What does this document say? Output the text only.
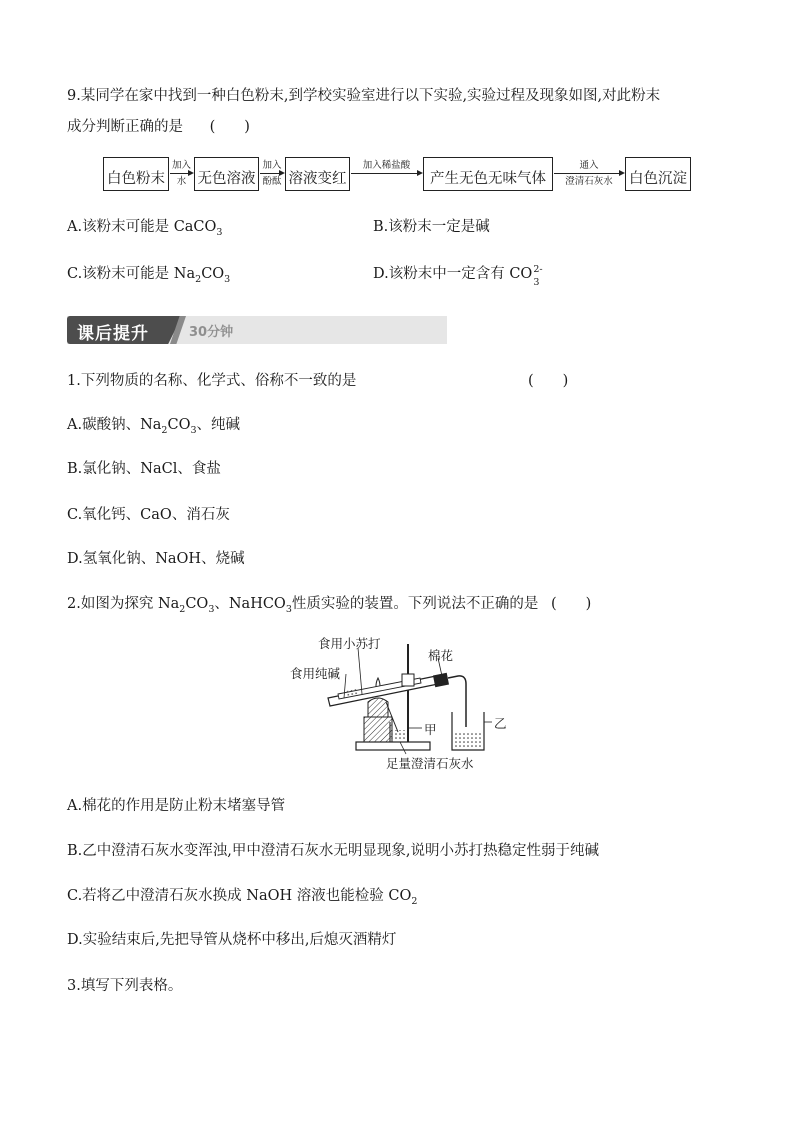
9.某同学在家中找到一种白色粉末,到学校实验室进行以下实验,实验过程及现象如图,对此粉末
成分判断正确的是 (　　)
白色粉末
加入
水 无色溶液
加入
酚酞 溶液变红
加入稀盐酸
产生无色无味气体
通入
澄清石灰水	白色沉淀
A.该粉末可能是 CaCO$_3$	B.该粉末一定是碱
C.该粉末可能是 $Na_2CO_3$	D.该粉末中一定含有 CO 2-
3
课后提升	30分钟
1.下列物质的名称、化学式、俗称不一致的是	(　　)
A.碳酸钠、$Na_2CO_3$、纯碱
B.氯化钠、NaCl、食盐
C.氧化钙、CaO、消石灰
D.氢氧化钠、NaOH、烧碱
2.如图为探究 $Na_2CO_3$、NaHCO$_3$性质实验的装置。下列说法不正确的是 (　　)
食用小苏打
食用纯碱
棉花
甲	乙
足量澄清石灰水
A.棉花的作用是防止粉末堵塞导管
B.乙中澄清石灰水变浑浊,甲中澄清石灰水无明显现象,说明小苏打热稳定性弱于纯碱
C.若将乙中澄清石灰水换成 NaOH 溶液也能检验 $CO_2$
D.实验结束后,先把导管从烧杯中移出,后熄灭酒精灯
3.填写下列表格。
